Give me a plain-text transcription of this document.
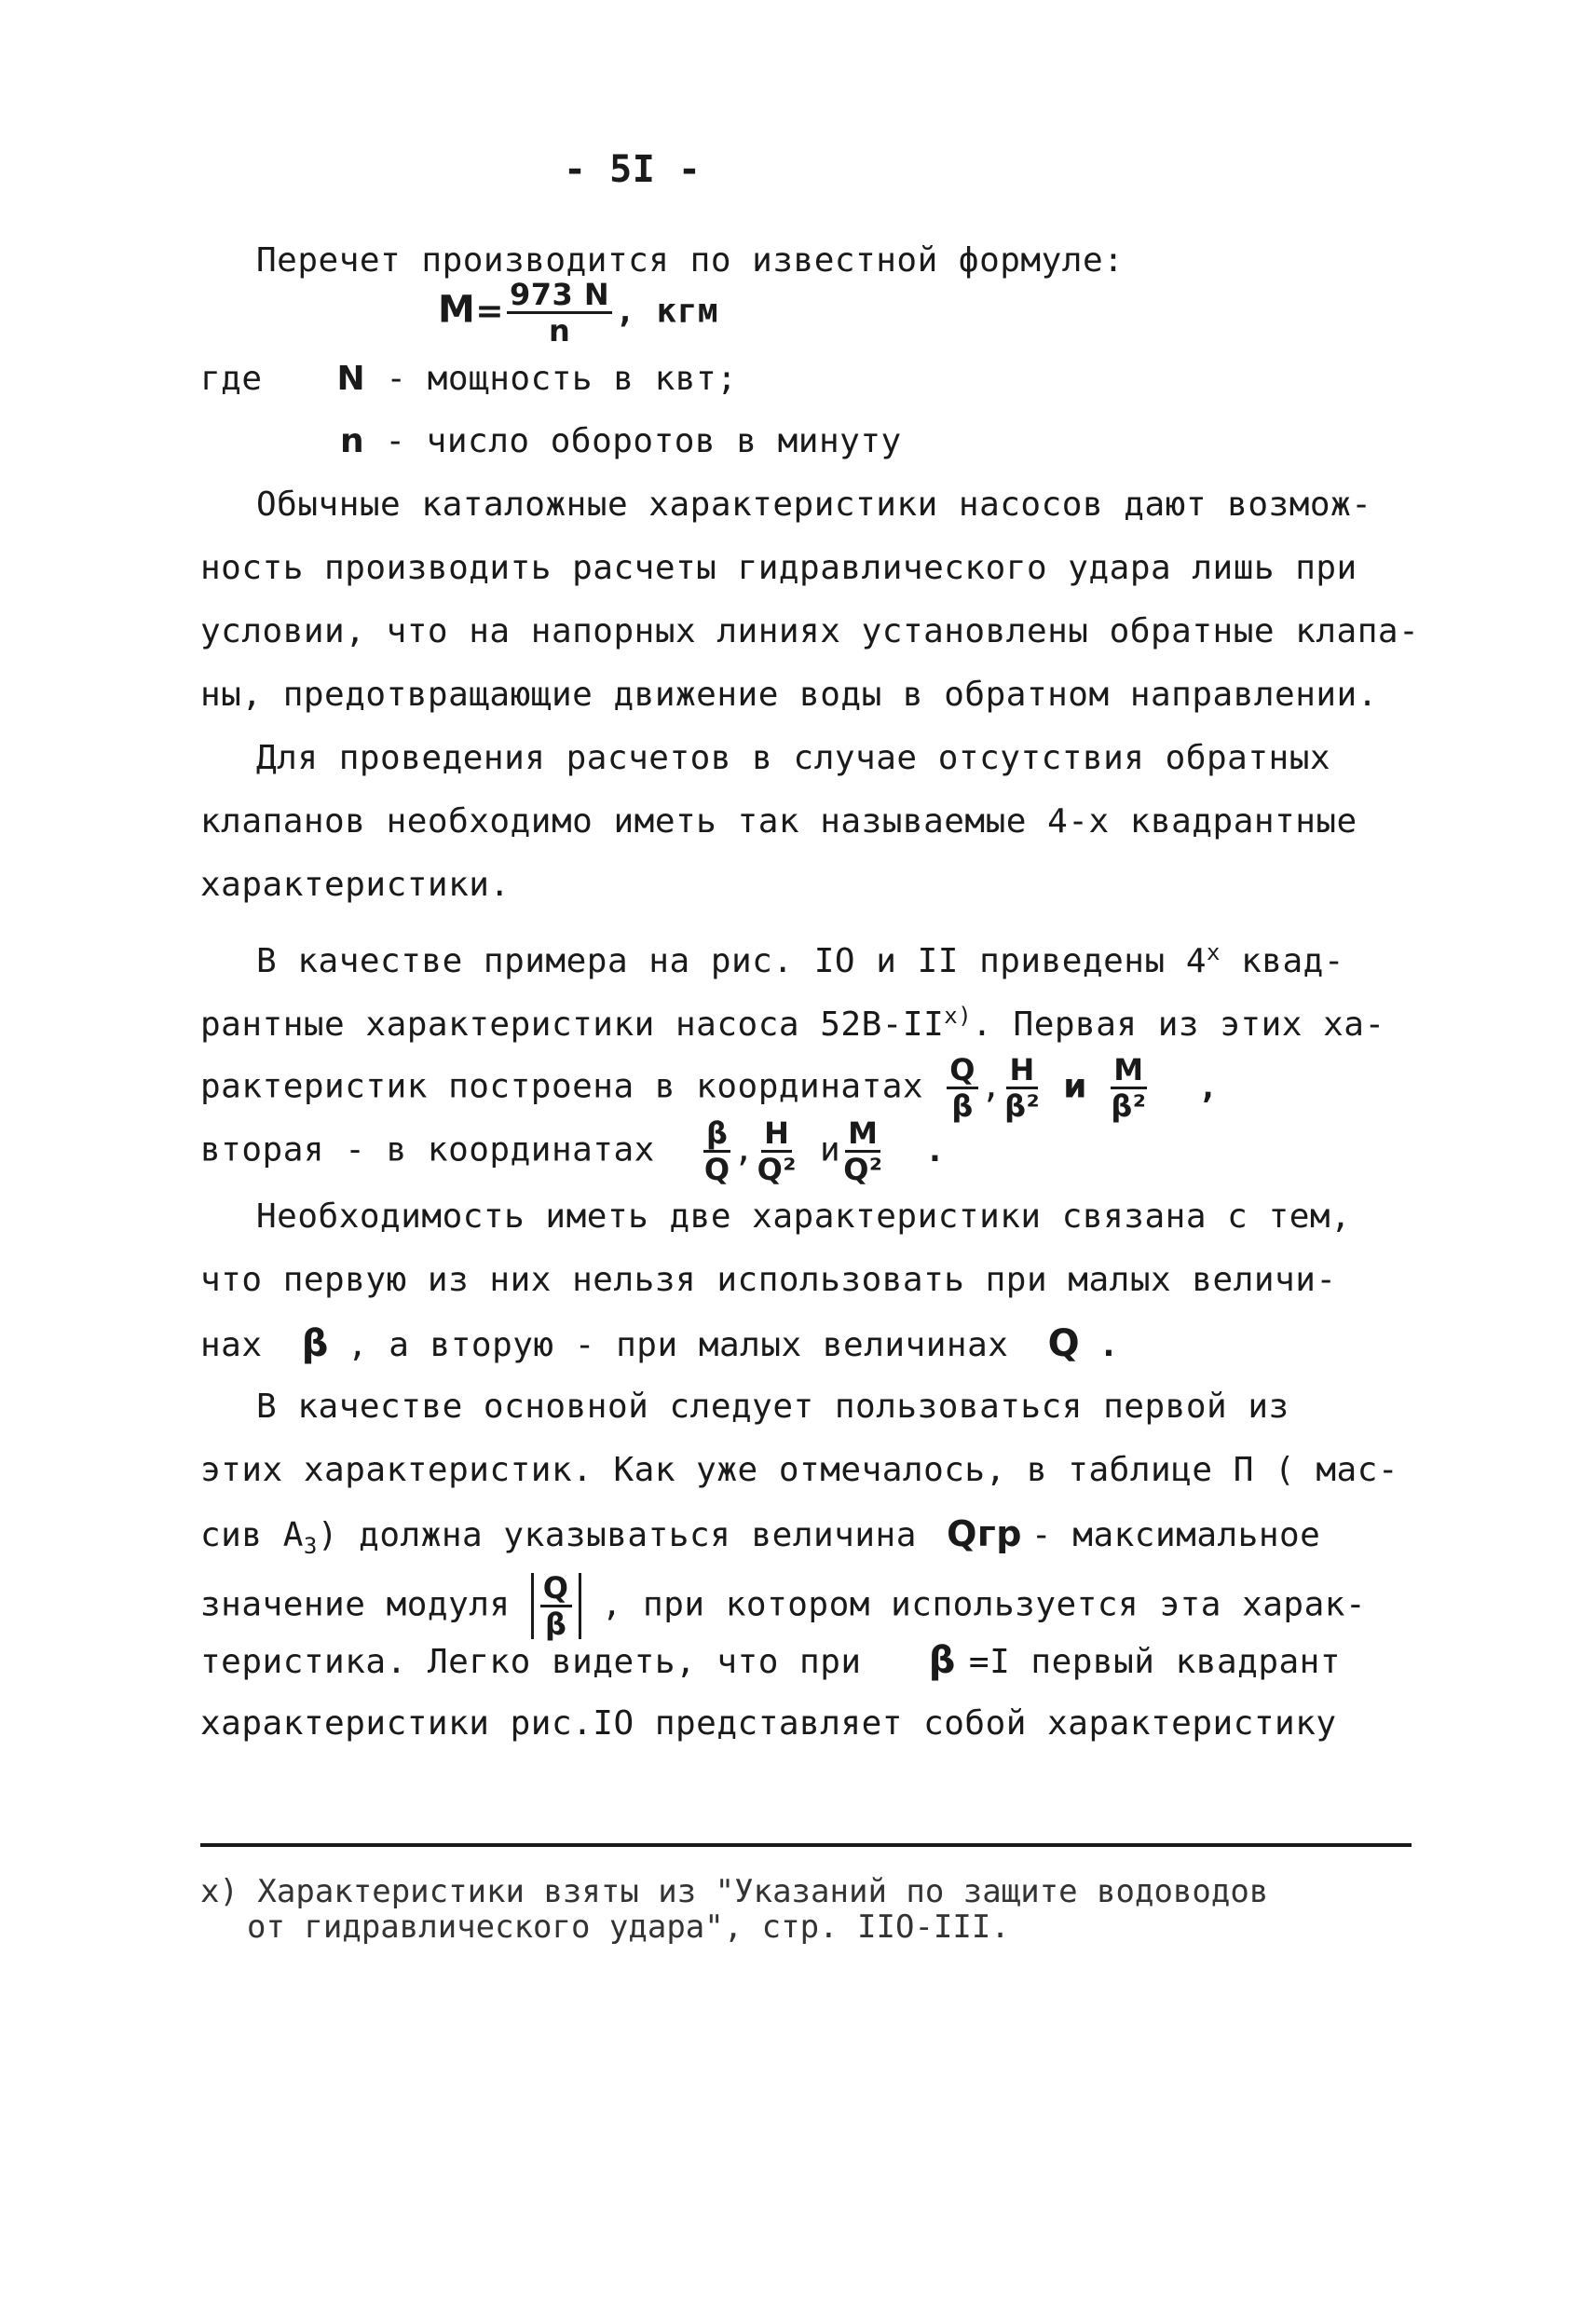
- 5I -

Перечет производится по известной формуле:

$M= \frac{973 N}{n}$ , кгм

где N - мощность в квт;

n - число оборотов в минуту

Обычные каталожные характеристики насосов дают возмож-

ность производить расчеты гидравлического удара лишь при

условии, что на напорных линиях установлены обратные клапа-

ны, предотвращающие движение воды в обратном направлении.

Для проведения расчетов в случае отсутствия обратных

клапанов необходимо иметь так называемые 4-х квадрантные

характеристики.

В качестве примера на рис. IO и II приведены 4$^x$ квад-

рантные характеристики насоса 52В-II$^{x)}$. Первая из этих ха-

рактеристик построена в координатах $\frac{Q}{\beta}$ , $\frac{H}{\text{β²}}$ и $\frac{M}{\text{β²}}$ ,

вторая - в координатах $\frac{\beta}{Q}$ , $\frac{H}{\text{Q²}}$ и $\frac{M}{\text{Q²}}$ .

Необходимость иметь две характеристики связана с тем,

что первую из них нельзя использовать при малых величи-

нах β , а вторую - при малых величинах Q .

В качестве основной следует пользоваться первой из

этих характеристик. Как уже отмечалось, в таблице П ( мас-

сив $A_3$) должна указываться величина Qгр - максимальное

значение модуля $\frac{Q}{\beta}$ , при котором используется эта харак-

теристика. Легко видеть, что при β =I первый квадрант

характеристики рис.IO представляет собой характеристику

x) Характеристики взяты из "Указаний по защите водоводов

от гидравлического удара", стр. IIO-III.
